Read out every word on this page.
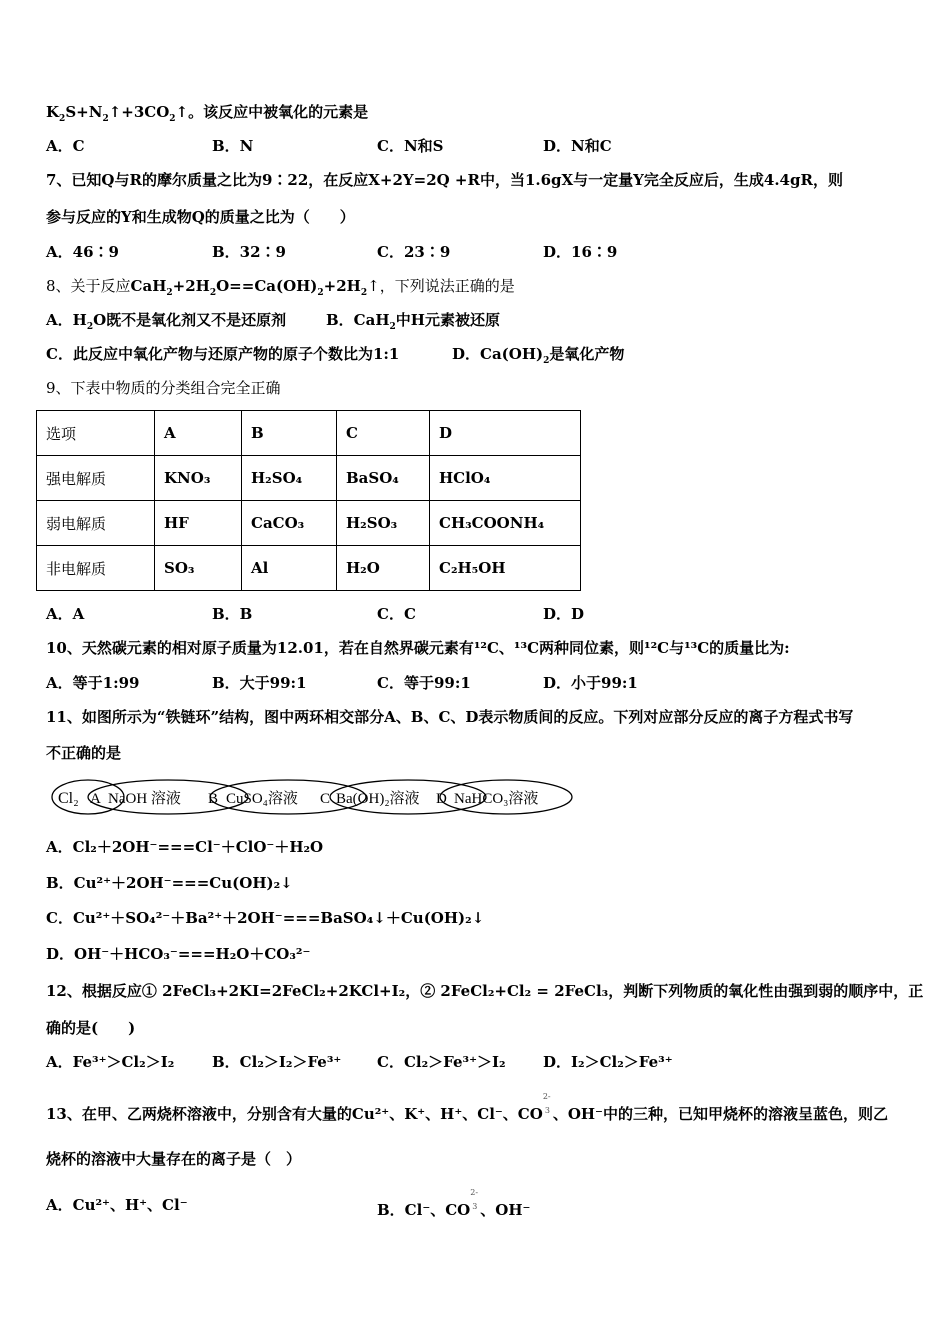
$K_2S+N_2↑+3CO_2↑$。该反应中被氧化的元素是
A．C	B．N	C．N和S	D．N和C
7、已知Q与R的摩尔质量之比为9∶22，在反应X+2Y=2Q +R中，当1.6gX与一定量Y完全反应后，生成4.4gR，则
参与反应的Y和生成物Q的质量之比为（　　）
A．46∶9	B．32∶9	C．23∶9	D．16∶9
8、关于反应$CaH_2+2H_2O==Ca(OH)_2+2H_2↑$，下列说法正确的是
A．$H_2O$既不是氧化剂又不是还原剂	B．CaH$_2$中H元素被还原
C．此反应中氧化产物与还原产物的原子个数比为1:1	D．$Ca(OH)_2$是氧化产物
9、下表中物质的分类组合完全正确
选项	A	B	C	D
强电解质	KNO₃	H₂SO₄	BaSO₄	HClO₄
弱电解质	HF	CaCO₃	H₂SO₃	CH₃COONH₄
非电解质	SO₃	Al	H₂O	C₂H₅OH
A．A	B．B	C．C	D．D
10、天然碳元素的相对原子质量为12.01，若在自然界碳元素有¹²C、¹³C两种同位素，则¹²C与¹³C的质量比为:
A．等于1:99	B．大于99:1	C．等于99:1	D．小于99:1
11、如图所示为“铁链环”结构，图中两环相交部分A、B、C、D表示物质间的反应。下列对应部分反应的离子方程式书写
不正确的是
Cl₂ A NaOH 溶液 B CuSO₄溶液 C Ba(OH)₂溶液 D NaHCO₃溶液
A．Cl₂＋2OH⁻===Cl⁻＋ClO⁻＋H₂O
B．Cu²⁺＋2OH⁻===Cu(OH)₂↓
C．Cu²⁺＋SO₄²⁻＋Ba²⁺＋2OH⁻===BaSO₄↓＋Cu(OH)₂↓
D．OH⁻＋HCO₃⁻===H₂O＋CO₃²⁻
12、根据反应① 2FeCl₃+2KI=2FeCl₂+2KCl+I₂，② 2FeCl₂+Cl₂ = 2FeCl₃，判断下列物质的氧化性由强到弱的顺序中，正
确的是(　　)
A．Fe³⁺＞Cl₂＞I₂	B．Cl₂＞I₂＞Fe³⁺ C．Cl₂＞Fe³⁺＞I₂ D．I₂＞Cl₂＞Fe³⁺
13、在甲、乙两烧杯溶液中，分别含有大量的Cu²⁺、K⁺、H⁺、Cl⁻、CO
2-
3 、OH⁻中的三种，已知甲烧杯的溶液呈蓝色，则乙
烧杯的溶液中大量存在的离子是（　）
A．Cu²⁺、H⁺、Cl⁻	B．Cl⁻、CO
2-
3 、OH⁻
